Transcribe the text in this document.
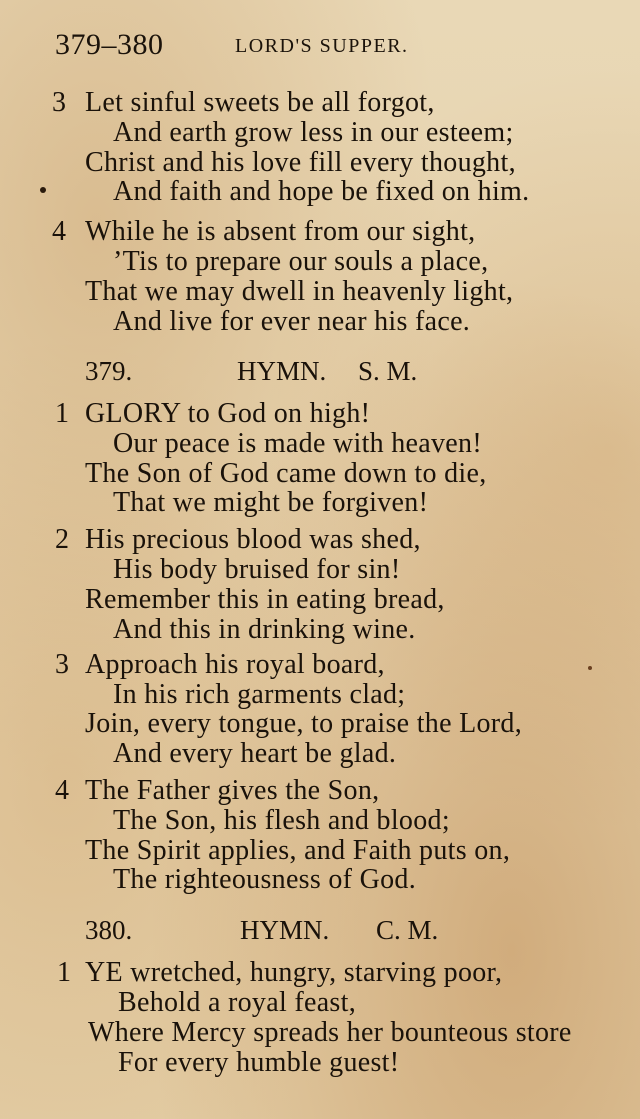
379–380	LORD'S SUPPER.
3 Let sinful sweets be all forgot,
And earth grow less in our esteem;
Christ and his love fill every thought,
And faith and hope be fixed on him.
4 While he is absent from our sight,
’Tis to prepare our souls a place,
That we may dwell in heavenly light,
And live for ever near his face.
379.	HYMN. S. M.
1 GLORY to God on high!
Our peace is made with heaven!
The Son of God came down to die,
That we might be forgiven!
2 His precious blood was shed,
His body bruised for sin!
Remember this in eating bread,
And this in drinking wine.
3 Approach his royal board,
In his rich garments clad;
Join, every tongue, to praise the Lord,
And every heart be glad.
4 The Father gives the Son,
The Son, his flesh and blood;
The Spirit applies, and Faith puts on,
The righteousness of God.
380.	HYMN. C. M.
1 YE wretched, hungry, starving poor,
Behold a royal feast,
Where Mercy spreads her bounteous store
For every humble guest!
